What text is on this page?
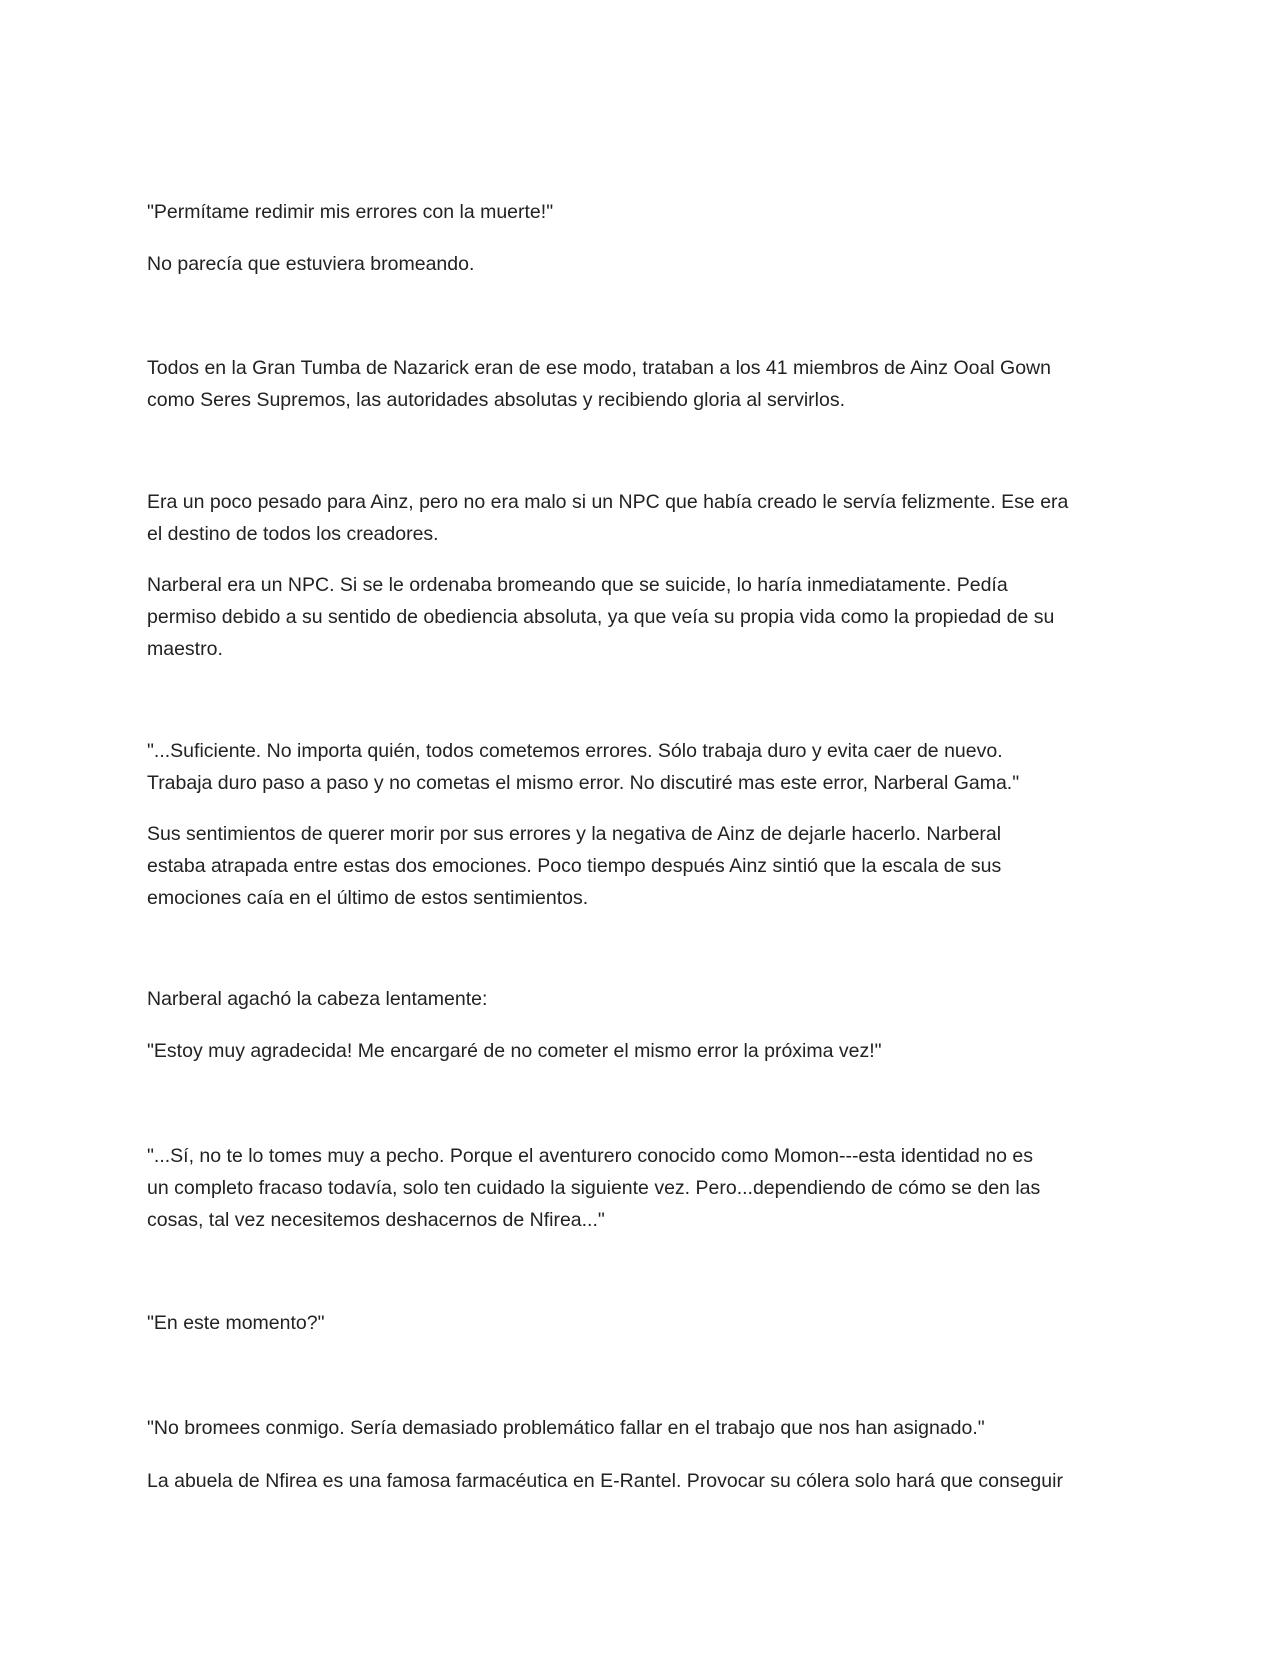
"Permítame redimir mis errores con la muerte!"

No parecía que estuviera bromeando.

Todos en la Gran Tumba de Nazarick eran de ese modo, trataban a los 41 miembros de Ainz Ooal Gown
como Seres Supremos, las autoridades absolutas y recibiendo gloria al servirlos.

Era un poco pesado para Ainz, pero no era malo si un NPC que había creado le servía felizmente. Ese era
el destino de todos los creadores.

Narberal era un NPC. Si se le ordenaba bromeando que se suicide, lo haría inmediatamente. Pedía
permiso debido a su sentido de obediencia absoluta, ya que veía su propia vida como la propiedad de su
maestro.

"...Suficiente. No importa quién, todos cometemos errores. Sólo trabaja duro y evita caer de nuevo.
Trabaja duro paso a paso y no cometas el mismo error. No discutiré mas este error, Narberal Gama."

Sus sentimientos de querer morir por sus errores y la negativa de Ainz de dejarle hacerlo. Narberal
estaba atrapada entre estas dos emociones. Poco tiempo después Ainz sintió que la escala de sus
emociones caía en el último de estos sentimientos.

Narberal agachó la cabeza lentamente:

"Estoy muy agradecida! Me encargaré de no cometer el mismo error la próxima vez!"

"...Sí, no te lo tomes muy a pecho. Porque el aventurero conocido como Momon---esta identidad no es
un completo fracaso todavía, solo ten cuidado la siguiente vez. Pero...dependiendo de cómo se den las
cosas, tal vez necesitemos deshacernos de Nfirea..."

"En este momento?"

"No bromees conmigo. Sería demasiado problemático fallar en el trabajo que nos han asignado."

La abuela de Nfirea es una famosa farmacéutica en E-Rantel. Provocar su cólera solo hará que conseguir
